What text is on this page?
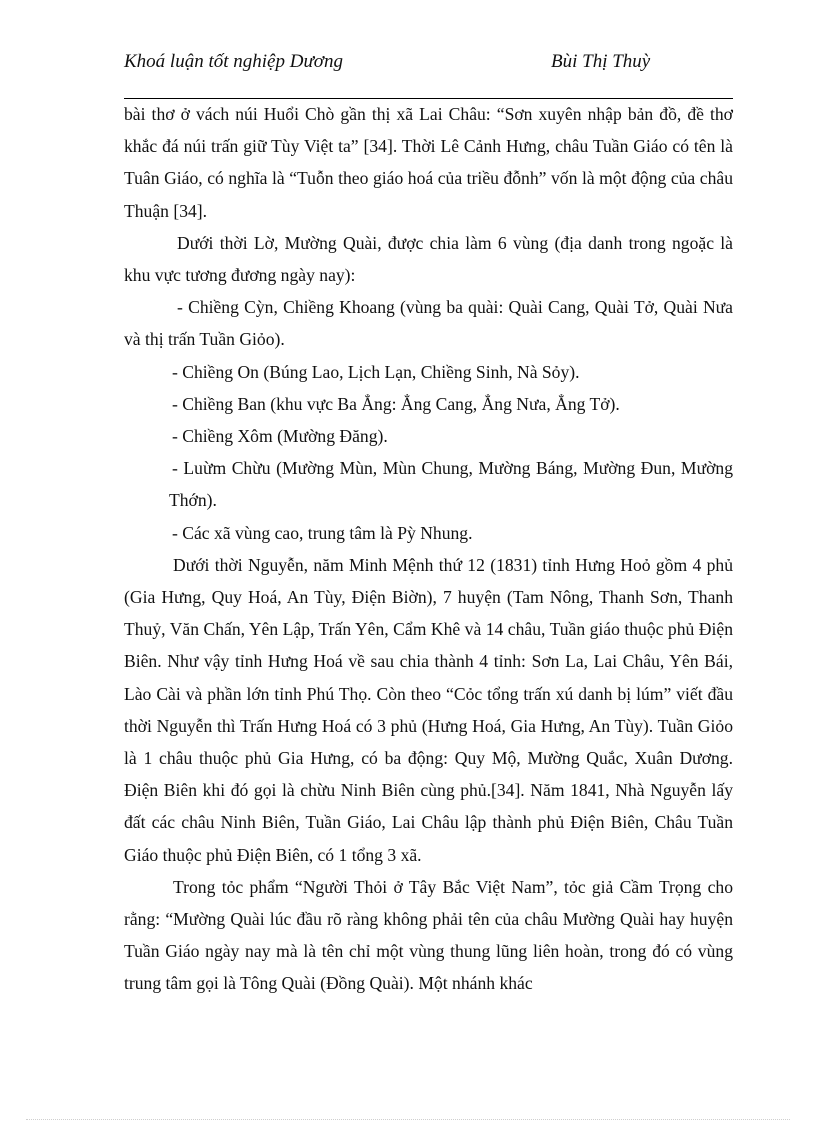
Khoá luận tốt nghiệp Dương	Bùi Thị Thuỳ

bài thơ ở vách núi Huổi Chò gần thị xã Lai Châu: “Sơn xuyên nhập bản đồ, đề thơ khắc đá núi trấn giữ Tùy Việt ta” [34]. Thời Lê Cảnh Hưng, châu Tuần Giáo có tên là Tuân Giáo, có nghĩa là “Tuỗn theo giáo hoá của triều đỗnh” vốn là một động của châu Thuận [34].

Dưới thời Lờ, Mường Quài, được chia làm 6 vùng (địa danh trong ngoặc là khu vực tương đương ngày nay):

- Chiềng Cỳn, Chiềng Khoang (vùng ba quài: Quài Cang, Quài Tở, Quài Nưa và thị trấn Tuần Giỏo).

- Chiềng On (Búng Lao, Lịch Lạn, Chiềng Sinh, Nà Sỏy).

- Chiềng Ban (khu vực Ba Ẳng: Ẳng Cang, Ẳng Nưa, Ẳng Tở).

- Chiềng Xôm (Mường Đăng).

- Luừm Chừu (Mường Mùn, Mùn Chung, Mường Báng, Mường Đun, Mường Thớn).

- Các xã vùng cao, trung tâm là Pỳ Nhung.

Dưới thời Nguyễn, năm Minh Mệnh thứ 12 (1831) tỉnh Hưng Hoỏ gồm 4 phủ (Gia Hưng, Quy Hoá, An Tùy, Điện Biờn), 7 huyện (Tam Nông, Thanh Sơn, Thanh Thuỷ, Văn Chấn, Yên Lập, Trấn Yên, Cẩm Khê và 14 châu, Tuần giáo thuộc phủ Điện Biên. Như vậy tỉnh Hưng Hoá về sau chia thành 4 tỉnh: Sơn La, Lai Châu, Yên Bái, Lào Cài và phần lớn tỉnh Phú Thọ. Còn theo “Cỏc tổng trấn xú danh bị lúm” viết đầu thời Nguyễn thì Trấn Hưng Hoá có 3 phủ (Hưng Hoá, Gia Hưng, An Tùy). Tuần Giỏo là 1 châu thuộc phủ Gia Hưng, có ba động: Quy Mộ, Mường Quắc, Xuân Dương. Điện Biên khi đó gọi là chừu Ninh Biên cùng phủ.[34]. Năm 1841, Nhà Nguyễn lấy đất các châu Ninh Biên, Tuần Giáo, Lai Châu lập thành phủ Điện Biên, Châu Tuần Giáo thuộc phủ Điện Biên, có 1 tổng 3 xã.

Trong tỏc phẩm “Người Thỏi ở Tây Bắc Việt Nam”, tỏc giả Cầm Trọng cho rằng: “Mường Quài lúc đầu rõ ràng không phải tên của châu Mường Quài hay huyện Tuần Giáo ngày nay mà là tên chỉ một vùng thung lũng liên hoàn, trong đó có vùng trung tâm gọi là Tông Quài (Đồng Quài). Một nhánh khác
